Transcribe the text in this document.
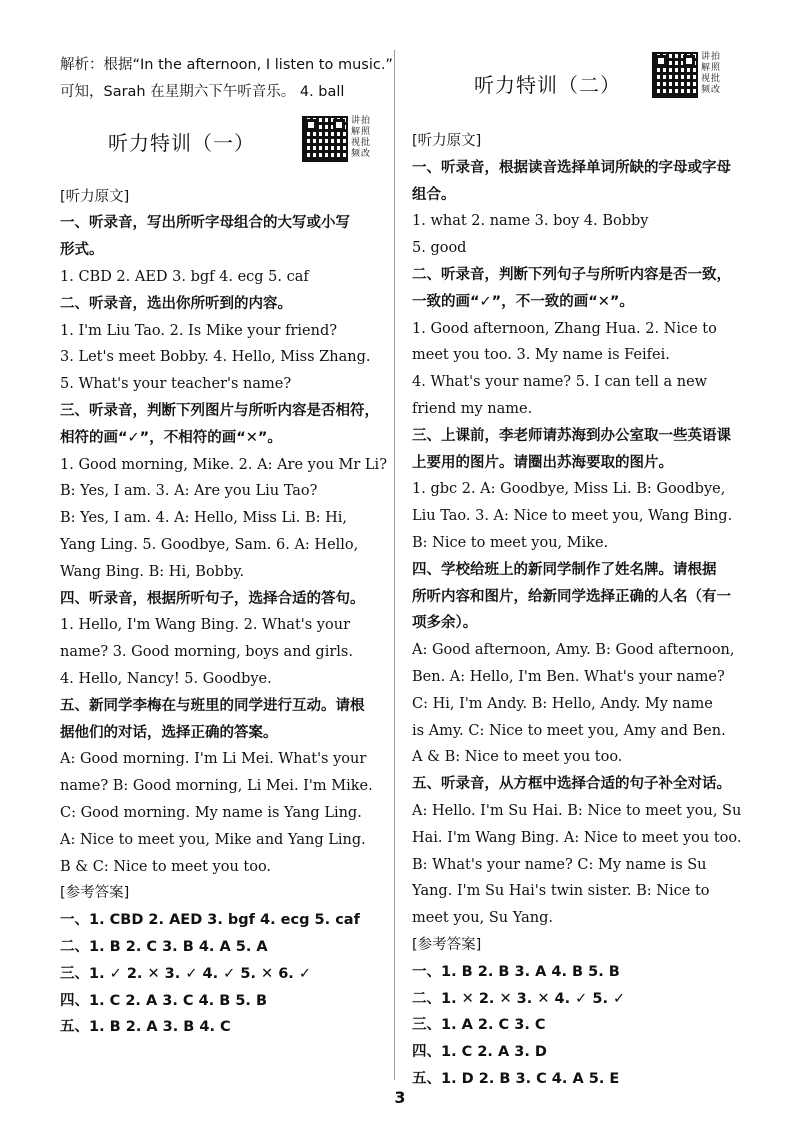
解析：根据“In the afternoon, I listen to music.”
可知，Sarah 在星期六下午听音乐。 4. ball
听力特训（一）
讲拍 解照 视批 频改
[听力原文]
一、听录音，写出所听字母组合的大写或小写
形式。
1. CBD 2. AED 3. bgf 4. ecg 5. caf
二、听录音，选出你所听到的内容。
1. I'm Liu Tao. 2. Is Mike your friend?
3. Let's meet Bobby. 4. Hello, Miss Zhang.
5. What's your teacher's name?
三、听录音，判断下列图片与所听内容是否相符，
相符的画“✓”，不相符的画“✕”。
1. Good morning, Mike. 2. A: Are you Mr Li?
B: Yes, I am. 3. A: Are you Liu Tao?
B: Yes, I am. 4. A: Hello, Miss Li. B: Hi,
Yang Ling. 5. Goodbye, Sam. 6. A: Hello,
Wang Bing. B: Hi, Bobby.
四、听录音，根据所听句子，选择合适的答句。
1. Hello, I'm Wang Bing. 2. What's your
name? 3. Good morning, boys and girls.
4. Hello, Nancy! 5. Goodbye.
五、新同学李梅在与班里的同学进行互动。请根
据他们的对话，选择正确的答案。
A: Good morning. I'm Li Mei. What's your
name? B: Good morning, Li Mei. I'm Mike.
C: Good morning. My name is Yang Ling.
A: Nice to meet you, Mike and Yang Ling.
B & C: Nice to meet you too.
[参考答案]
一、1. CBD 2. AED 3. bgf 4. ecg 5. caf
二、1. B 2. C 3. B 4. A 5. A
三、1. ✓ 2. ✕ 3. ✓ 4. ✓ 5. ✕ 6. ✓
四、1. C 2. A 3. C 4. B 5. B
五、1. B 2. A 3. B 4. C
听力特训（二）
讲拍 解照 视批 频改
[听力原文]
一、听录音，根据读音选择单词所缺的字母或字母
组合。
1. what 2. name 3. boy 4. Bobby
5. good
二、听录音，判断下列句子与所听内容是否一致，
一致的画“✓”，不一致的画“✕”。
1. Good afternoon, Zhang Hua. 2. Nice to
meet you too. 3. My name is Feifei.
4. What's your name? 5. I can tell a new
friend my name.
三、上课前，李老师请苏海到办公室取一些英语课
上要用的图片。请圈出苏海要取的图片。
1. gbc 2. A: Goodbye, Miss Li. B: Goodbye,
Liu Tao. 3. A: Nice to meet you, Wang Bing.
B: Nice to meet you, Mike.
四、学校给班上的新同学制作了姓名牌。请根据
所听内容和图片，给新同学选择正确的人名（有一
项多余）。
A: Good afternoon, Amy. B: Good afternoon,
Ben. A: Hello, I'm Ben. What's your name?
C: Hi, I'm Andy. B: Hello, Andy. My name
is Amy. C: Nice to meet you, Amy and Ben.
A & B: Nice to meet you too.
五、听录音，从方框中选择合适的句子补全对话。
A: Hello. I'm Su Hai. B: Nice to meet you, Su
Hai. I'm Wang Bing. A: Nice to meet you too.
B: What's your name? C: My name is Su
Yang. I'm Su Hai's twin sister. B: Nice to
meet you, Su Yang.
[参考答案]
一、1. B 2. B 3. A 4. B 5. B
二、1. ✕ 2. ✕ 3. ✕ 4. ✓ 5. ✓
三、1. A 2. C 3. C
四、1. C 2. A 3. D
五、1. D 2. B 3. C 4. A 5. E
3
